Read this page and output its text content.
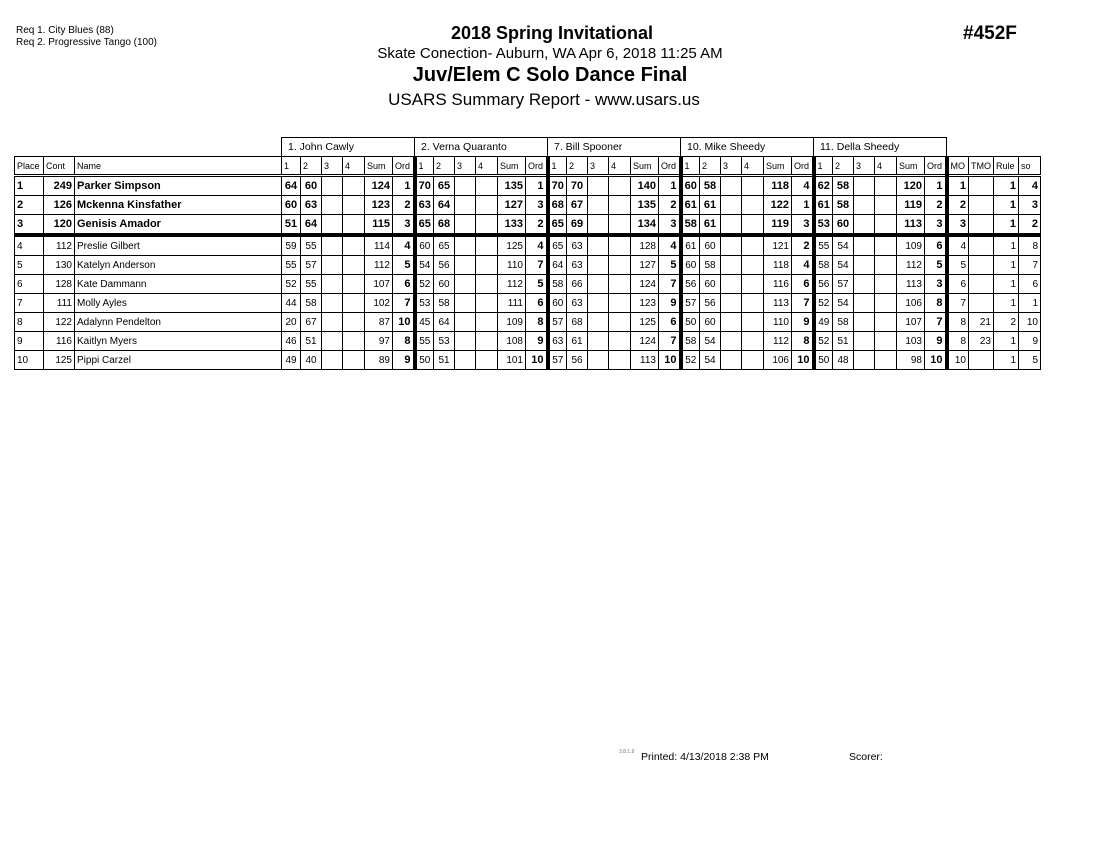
Req 1. City Blues (88)
Req 2. Progressive Tango (100)	2018 Spring Invitational
Skate Conection- Auburn, WA Apr 6, 2018 11:25 AM
Juv/Elem C Solo Dance Final
USARS Summary Report - www.usars.us
#452F
			1. John Cawly						2. Verna Quaranto						7. Bill Spooner						10. Mike Sheedy						11. Della Sheedy									
Place	Cont	Name	1	2	3	4	Sum	Ord	1	2	3	4	Sum	Ord	1	2	3	4	Sum	Ord	1	2	3	4	Sum	Ord	1	2	3	4	Sum	Ord	MO	TMO	Rule	so
1	249	Parker Simpson	64	60			124	1	70	65			135	1	70	70			140	1	60	58			118	4	62	58			120	1	1		1	4
2	126	Mckenna Kinsfather	60	63			123	2	63	64			127	3	68	67			135	2	61	61			122	1	61	58			119	2	2		1	3
3	120	Genisis Amador	51	64			115	3	65	68			133	2	65	69			134	3	58	61			119	3	53	60			113	3	3		1	2
4	112	Preslie Gilbert	59	55			114	4	60	65			125	4	65	63			128	4	61	60			121	2	55	54			109	6	4		1	8
5	130	Katelyn Anderson	55	57			112	5	54	56			110	7	64	63			127	5	60	58			118	4	58	54			112	5	5		1	7
6	128	Kate Dammann	52	55			107	6	52	60			112	5	58	66			124	7	56	60			116	6	56	57			113	3	6		1	6
7	111	Molly Ayles	44	58			102	7	53	58			111	6	60	63			123	9	57	56			113	7	52	54			106	8	7		1	1
8	122	Adalynn Pendelton	20	67			87	10	45	64			109	8	57	68			125	6	50	60			110	9	49	58			107	7	8	21	2	10
9	116	Kaitlyn Myers	46	51			97	8	55	53			108	9	63	61			124	7	58	54			112	8	52	51			103	9	8	23	1	9
10	125	Pippi Carzel	49	40			89	9	50	51			101	10	57	56			113	10	52	54			106	10	50	48			98	10	10		1	5
3.8.1.9 Printed: 4/13/2018 2:38 PM	Scorer:
